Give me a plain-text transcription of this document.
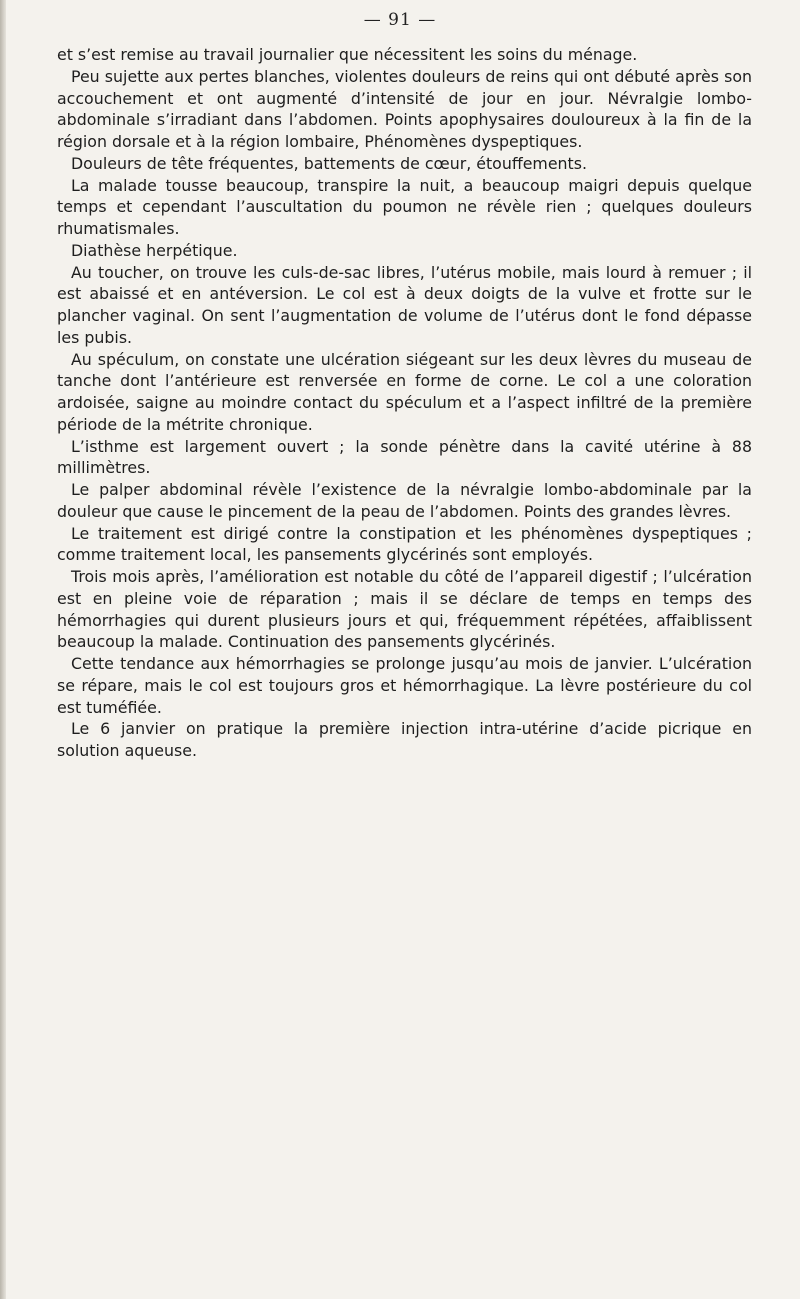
— 91 —

et s’est remise au travail journalier que nécessitent les soins du ménage.

Peu sujette aux pertes blanches, violentes douleurs de reins qui ont débuté après son accouchement et ont augmenté d’intensité de jour en jour. Névralgie lombo-abdominale s’irradiant dans l’abdomen. Points apophysaires douloureux à la fin de la région dorsale et à la région lombaire, Phénomènes dyspeptiques.

Douleurs de tête fréquentes, battements de cœur, étouffements.

La malade tousse beaucoup, transpire la nuit, a beaucoup maigri depuis quelque temps et cependant l’auscultation du poumon ne révèle rien ; quelques douleurs rhumatismales.

Diathèse herpétique.

Au toucher, on trouve les culs-de-sac libres, l’utérus mobile, mais lourd à remuer ; il est abaissé et en antéversion. Le col est à deux doigts de la vulve et frotte sur le plancher vaginal. On sent l’augmentation de volume de l’utérus dont le fond dépasse les pubis.

Au spéculum, on constate une ulcération siégeant sur les deux lèvres du museau de tanche dont l’antérieure est renversée en forme de corne. Le col a une coloration ardoisée, saigne au moindre contact du spéculum et a l’aspect infiltré de la première période de la métrite chronique.

L’isthme est largement ouvert ; la sonde pénètre dans la cavité utérine à 88 millimètres.

Le palper abdominal révèle l’existence de la névralgie lombo-abdominale par la douleur que cause le pincement de la peau de l’abdomen. Points des grandes lèvres.

Le traitement est dirigé contre la constipation et les phénomènes dyspeptiques ; comme traitement local, les pansements glycérinés sont employés.

Trois mois après, l’amélioration est notable du côté de l’appareil digestif ; l’ulcération est en pleine voie de réparation ; mais il se déclare de temps en temps des hémorrhagies qui durent plusieurs jours et qui, fréquemment répétées, affaiblissent beaucoup la malade. Continuation des pansements glycérinés.

Cette tendance aux hémorrhagies se prolonge jusqu’au mois de janvier. L’ulcération se répare, mais le col est toujours gros et hémorrhagique. La lèvre postérieure du col est tuméfiée.

Le 6 janvier on pratique la première injection intra-utérine d’acide picrique en solution aqueuse.
